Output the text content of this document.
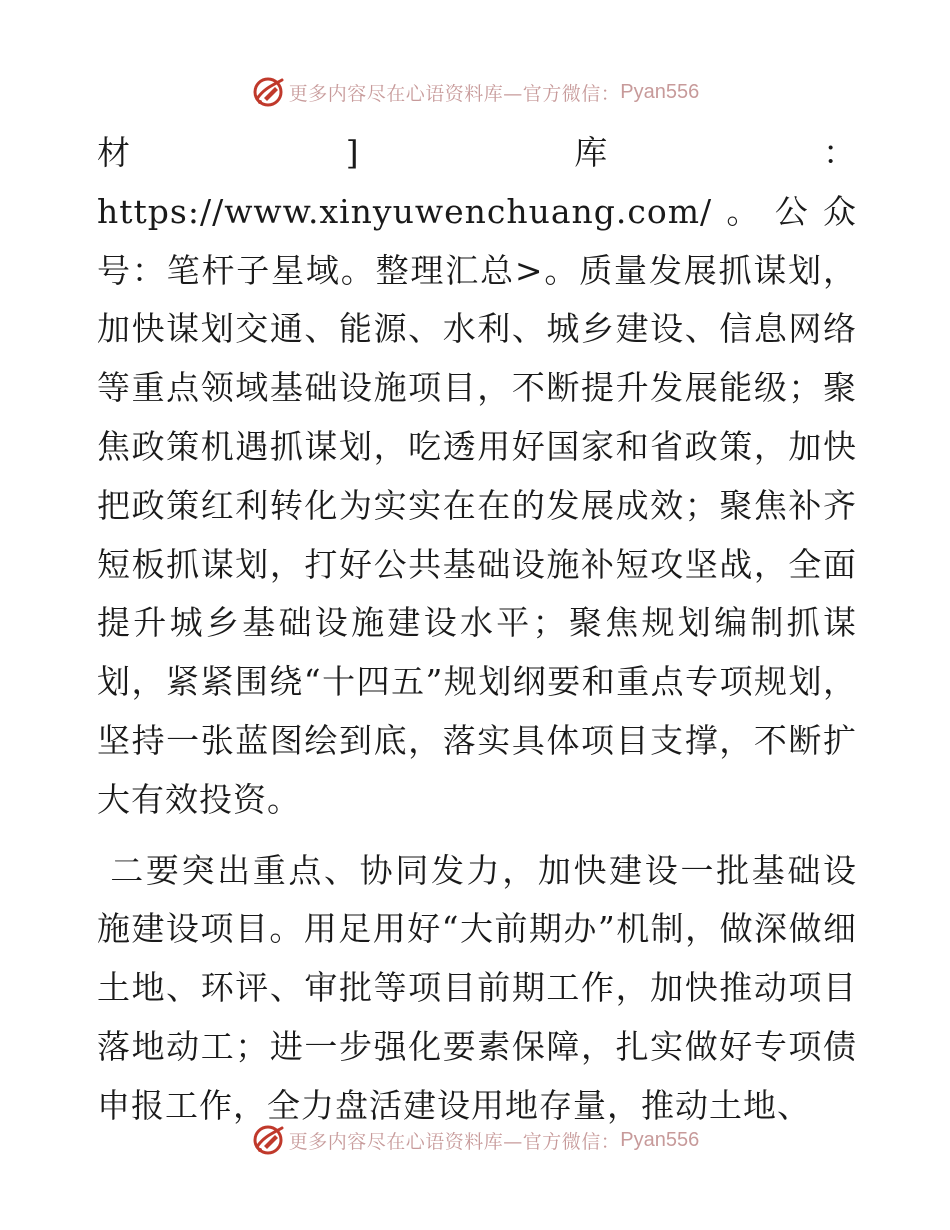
更多内容尽在心语资料库—官方微信： Pyan556

材]库：https://www.xinyuwenchuang.com/。公众号：笔杆子星域。整理汇总>。质量发展抓谋划，加快谋划交通、能源、水利、城乡建设、信息网络等重点领域基础设施项目，不断提升发展能级；聚焦政策机遇抓谋划，吃透用好国家和省政策，加快把政策红利转化为实实在在的发展成效；聚焦补齐短板抓谋划，打好公共基础设施补短攻坚战，全面提升城乡基础设施建设水平；聚焦规划编制抓谋划，紧紧围绕“十四五”规划纲要和重点专项规划，坚持一张蓝图绘到底，落实具体项目支撑，不断扩大有效投资。

二要突出重点、协同发力，加快建设一批基础设施建设项目。用足用好“大前期办”机制，做深做细土地、环评、审批等项目前期工作，加快推动项目落地动工；进一步强化要素保障，扎实做好专项债申报工作，全力盘活建设用地存量，推动土地、

更多内容尽在心语资料库—官方微信： Pyan556
